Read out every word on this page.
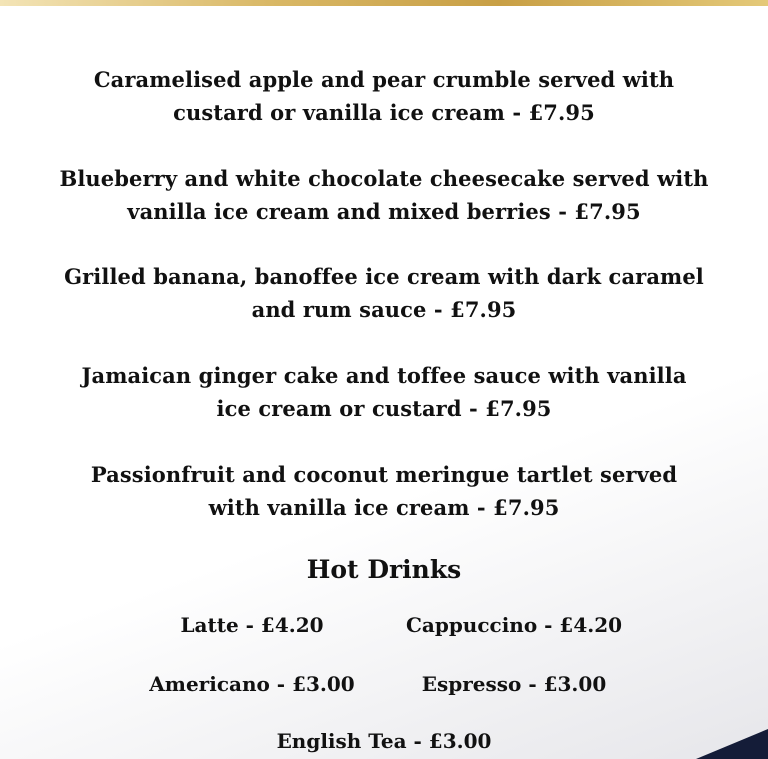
Caramelised apple and pear crumble served with
custard or vanilla ice cream - £7.95
Blueberry and white chocolate cheesecake served with
vanilla ice cream and mixed berries - £7.95
Grilled banana, banoffee ice cream with dark caramel
and rum sauce - £7.95
Jamaican ginger cake and toffee sauce with vanilla
ice cream or custard - £7.95
Passionfruit and coconut meringue tartlet served
with vanilla ice cream - £7.95
Hot Drinks
Latte - £4.20	Cappuccino - £4.20
Americano - £3.00	Espresso - £3.00
English Tea - £3.00
